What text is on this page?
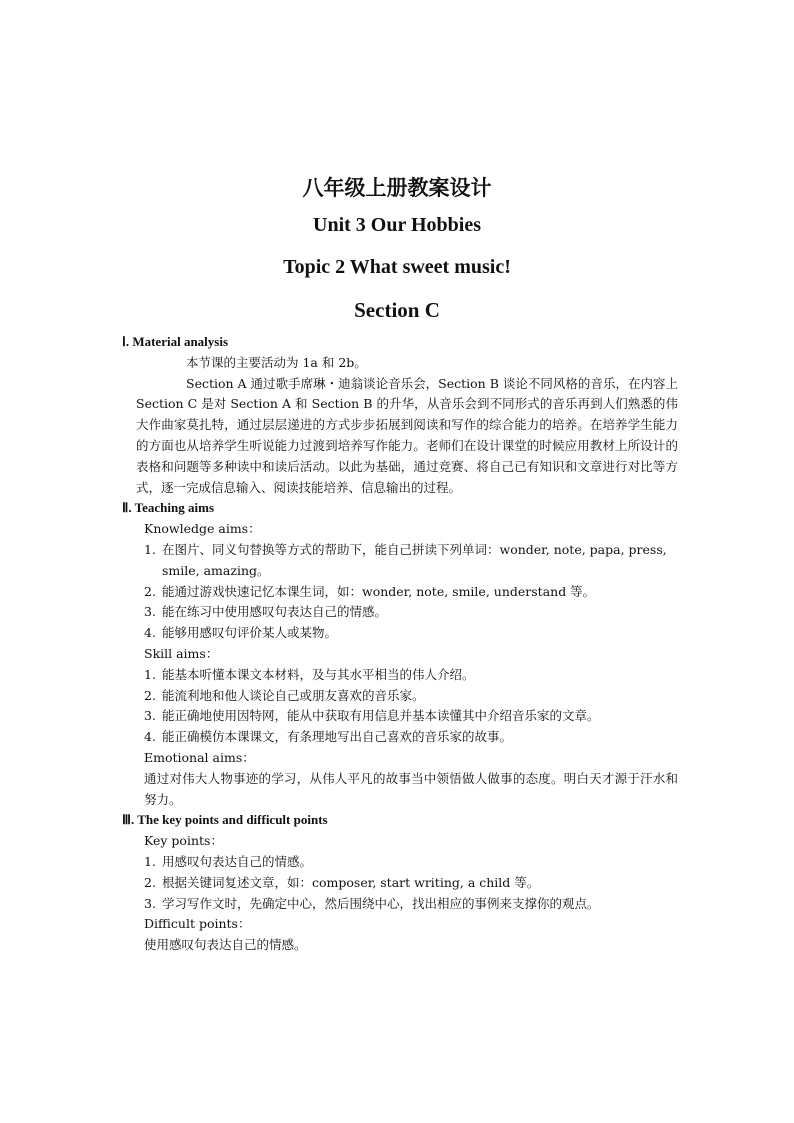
八年级上册教案设计
Unit 3 Our Hobbies
Topic 2 What sweet music!
Section C
Ⅰ. Material analysis
本节课的主要活动为 1a 和 2b。
Section A 通过歌手席琳・迪翁谈论音乐会，Section B 谈论不同风格的音乐，在内容上 Section C 是对 Section A 和 Section B 的升华，从音乐会到不同形式的音乐再到人们熟悉的伟大作曲家莫扎特，通过层层递进的方式步步拓展到阅读和写作的综合能力的培养。在培养学生能力的方面也从培养学生听说能力过渡到培养写作能力。老师们在设计课堂的时候应用教材上所设计的表格和问题等多种读中和读后活动。以此为基础，通过竞赛、将自己已有知识和文章进行对比等方式，逐一完成信息输入、阅读技能培养、信息输出的过程。
Ⅱ. Teaching aims
Knowledge aims：
1. 在图片、同义句替换等方式的帮助下，能自己拼读下列单词：wonder, note, papa, press, smile, amazing。
2. 能通过游戏快速记忆本课生词，如：wonder, note, smile, understand 等。
3. 能在练习中使用感叹句表达自己的情感。
4. 能够用感叹句评价某人或某物。
Skill aims：
1. 能基本听懂本课文本材料，及与其水平相当的伟人介绍。
2. 能流利地和他人谈论自己或朋友喜欢的音乐家。
3. 能正确地使用因特网，能从中获取有用信息并基本读懂其中介绍音乐家的文章。
4. 能正确模仿本课课文，有条理地写出自己喜欢的音乐家的故事。
Emotional aims：
通过对伟大人物事迹的学习，从伟人平凡的故事当中领悟做人做事的态度。明白天才源于汗水和努力。
Ⅲ. The key points and difficult points
Key points：
1. 用感叹句表达自己的情感。
2. 根据关键词复述文章，如：composer, start writing, a child 等。
3. 学习写作文时，先确定中心，然后围绕中心，找出相应的事例来支撑你的观点。
Difficult points：
使用感叹句表达自己的情感。
